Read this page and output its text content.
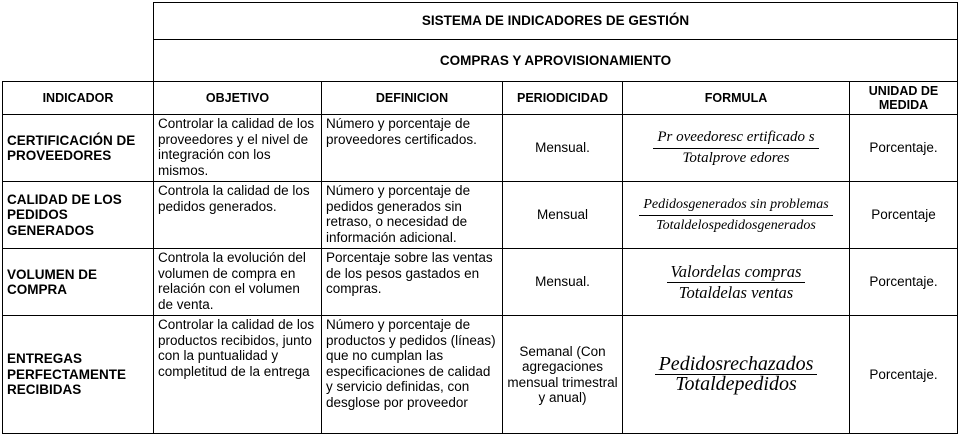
	SISTEMA DE INDICADORES DE GESTIÓN				
	COMPRAS Y APROVISIONAMIENTO				
INDICADOR	OBJETIVO	DEFINICION	PERIODICIDAD	FORMULA	UNIDAD DE MEDIDA
CERTIFICACIÓN DE PROVEEDORES	Controlar la calidad de los proveedores y el nivel de integración con los mismos.	Número y porcentaje de proveedores certificados.	Mensual.	$\frac{\text{Pr oveedoresc ertificado s}}{\text{Totalprove edores}}$	Porcentaje.
CALIDAD DE LOS PEDIDOS GENERADOS	Controla la calidad de los pedidos generados.	Número y porcentaje de pedidos generados sin retraso, o necesidad de información adicional.	Mensual	$\frac{\text{Pedidosgenerados sin problemas}}{\text{Totaldelospedidosgenerados}}$	Porcentaje
VOLUMEN DE COMPRA	Controla la evolución del volumen de compra en relación con el volumen de venta.	Porcentaje sobre las ventas de los pesos gastados en compras.	Mensual.	$\frac{\text{Valordelas compras}}{\text{Totaldelas ventas}}$	Porcentaje.
ENTREGAS PERFECTAMENTE RECIBIDAS	Controlar la calidad de los productos recibidos, junto con la puntualidad y completitud de la entrega	Número y porcentaje de productos y pedidos (líneas) que no cumplan las especificaciones de calidad y servicio definidas, con desglose por proveedor	Semanal (Con agregaciones mensual trimestral y anual)	$\frac{\text{Pedidosrechazados}}{\text{Totaldepedidos}}$	Porcentaje.
